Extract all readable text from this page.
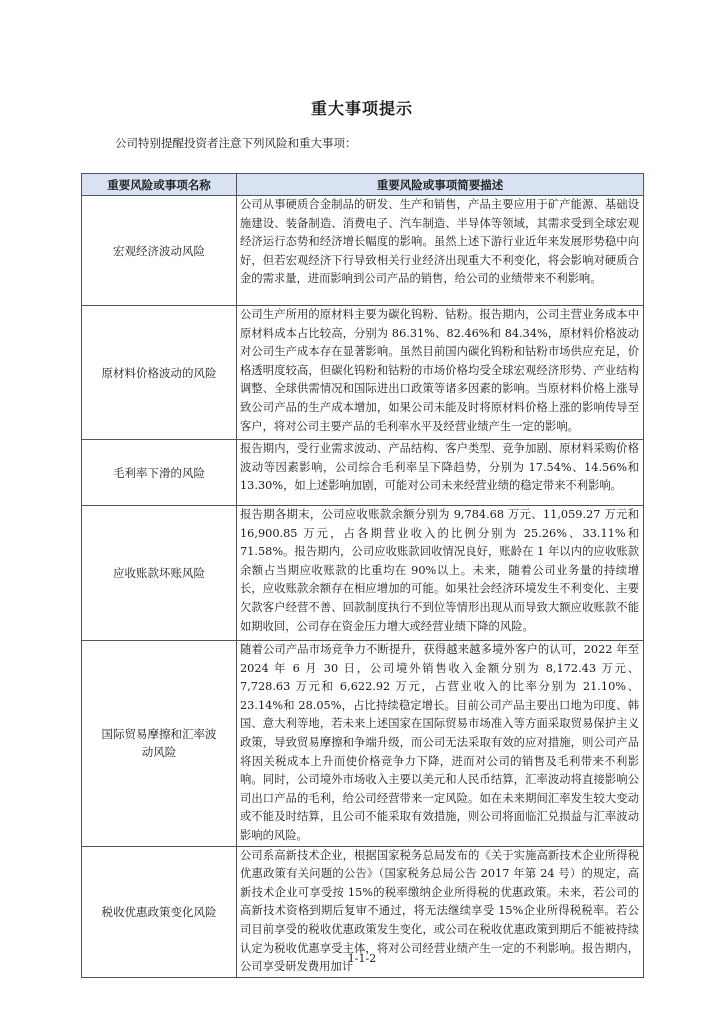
重大事项提示
公司特别提醒投资者注意下列风险和重大事项：
重要风险或事项名称	重要风险或事项简要描述
宏观经济波动风险	公司从事硬质合金制品的研发、生产和销售，产品主要应用于矿产能源、基础设施建设、装备制造、消费电子、汽车制造、半导体等领域，其需求受到全球宏观经济运行态势和经济增长幅度的影响。虽然上述下游行业近年来发展形势稳中向好，但若宏观经济下行导致相关行业经济出现重大不利变化，将会影响对硬质合金的需求量，进而影响到公司产品的销售，给公司的业绩带来不利影响。
原材料价格波动的风险	公司生产所用的原材料主要为碳化钨粉、钴粉。报告期内，公司主营业务成本中原材料成本占比较高，分别为 86.31%、82.46%和 84.34%，原材料价格波动对公司生产成本存在显著影响。虽然目前国内碳化钨粉和钴粉市场供应充足，价格透明度较高，但碳化钨粉和钴粉的市场价格均受全球宏观经济形势、产业结构调整、全球供需情况和国际进出口政策等诸多因素的影响。当原材料价格上涨导致公司产品的生产成本增加，如果公司未能及时将原材料价格上涨的影响传导至客户，将对公司主要产品的毛利率水平及经营业绩产生一定的影响。
毛利率下滑的风险	报告期内，受行业需求波动、产品结构、客户类型、竞争加剧、原材料采购价格波动等因素影响，公司综合毛利率呈下降趋势，分别为 17.54%、14.56%和 13.30%，如上述影响加剧，可能对公司未来经营业绩的稳定带来不利影响。
应收账款坏账风险	报告期各期末，公司应收账款余额分别为 9,784.68 万元、11,059.27 万元和 16,900.85 万元，占各期营业收入的比例分别为 25.26%、33.11%和 71.58%。报告期内，公司应收账款回收情况良好，账龄在 1 年以内的应收账款余额占当期应收账款的比重均在 90%以上。未来，随着公司业务量的持续增长，应收账款余额存在相应增加的可能。如果社会经济环境发生不利变化、主要欠款客户经营不善、回款制度执行不到位等情形出现从而导致大额应收账款不能如期收回，公司存在资金压力增大或经营业绩下降的风险。
国际贸易摩擦和汇率波动风险	随着公司产品市场竞争力不断提升，获得越来越多境外客户的认可，2022 年至 2024 年 6 月 30 日，公司境外销售收入金额分别为 8,172.43 万元、7,728.63 万元和 6,622.92 万元，占营业收入的比率分别为 21.10%、23.14%和 28.05%，占比持续稳定增长。目前公司产品主要出口地为印度、韩国、意大利等地，若未来上述国家在国际贸易市场准入等方面采取贸易保护主义政策，导致贸易摩擦和争端升级，而公司无法采取有效的应对措施，则公司产品将因关税成本上升而使价格竞争力下降，进而对公司的销售及毛利带来不利影响。同时，公司境外市场收入主要以美元和人民币结算，汇率波动将直接影响公司出口产品的毛利，给公司经营带来一定风险。如在未来期间汇率发生较大变动或不能及时结算，且公司不能采取有效措施，则公司将面临汇兑损益与汇率波动影响的风险。
税收优惠政策变化风险	公司系高新技术企业，根据国家税务总局发布的《关于实施高新技术企业所得税优惠政策有关问题的公告》（国家税务总局公告 2017 年第 24 号）的规定，高新技术企业可享受按 15%的税率缴纳企业所得税的优惠政策。未来，若公司的高新技术资格到期后复审不通过，将无法继续享受 15%企业所得税税率。若公司目前享受的税收优惠政策发生变化，或公司在税收优惠政策到期后不能被持续认定为税收优惠享受主体，将对公司经营业绩产生一定的不利影响。报告期内，公司享受研发费用加计
1-1-2
